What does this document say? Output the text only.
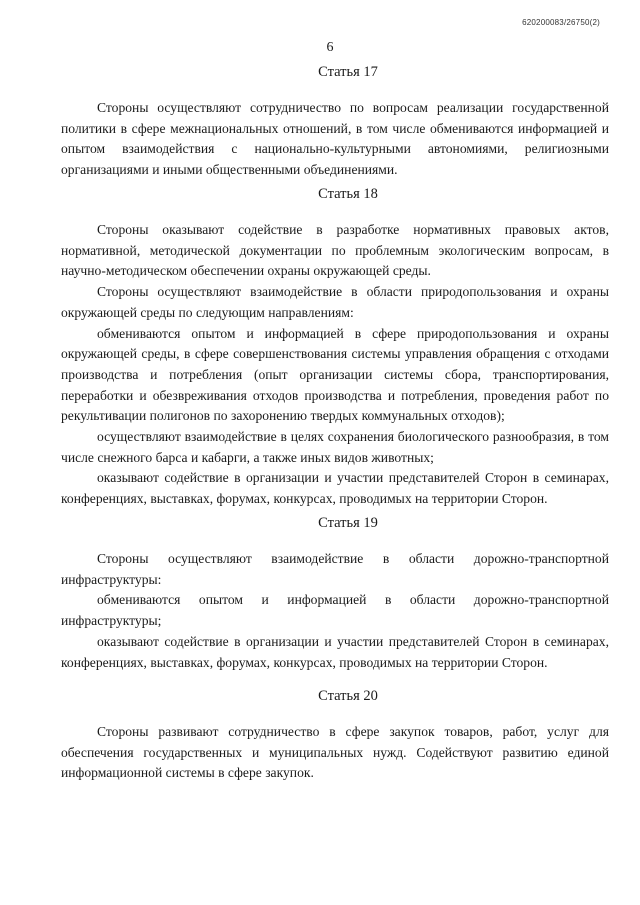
620200083/26750(2)
6
Статья 17

Стороны осуществляют сотрудничество по вопросам реализации государственной политики в сфере межнациональных отношений, в том числе обмениваются информацией и опытом взаимодействия с национально-культурными автономиями, религиозными организациями и иными общественными объединениями.

Статья 18

Стороны оказывают содействие в разработке нормативных правовых актов, нормативной, методической документации по проблемным экологическим вопросам, в научно-методическом обеспечении охраны окружающей среды.

Стороны осуществляют взаимодействие в области природопользования и охраны окружающей среды по следующим направлениям:

обмениваются опытом и информацией в сфере природопользования и охраны окружающей среды, в сфере совершенствования системы управления обращения с отходами производства и потребления (опыт организации системы сбора, транспортирования, переработки и обезвреживания отходов производства и потребления, проведения работ по рекультивации полигонов по захоронению твердых коммунальных отходов);

осуществляют взаимодействие в целях сохранения биологического разнообразия, в том числе снежного барса и кабарги, а также иных видов животных;

оказывают содействие в организации и участии представителей Сторон в семинарах, конференциях, выставках, форумах, конкурсах, проводимых на территории Сторон.

Статья 19

Стороны осуществляют взаимодействие в области дорожно-транспортной инфраструктуры:

обмениваются опытом и информацией в области дорожно-транспортной инфраструктуры;

оказывают содействие в организации и участии представителей Сторон в семинарах, конференциях, выставках, форумах, конкурсах, проводимых на территории Сторон.

Статья 20

Стороны развивают сотрудничество в сфере закупок товаров, работ, услуг для обеспечения государственных и муниципальных нужд. Содействуют развитию единой информационной системы в сфере закупок.
